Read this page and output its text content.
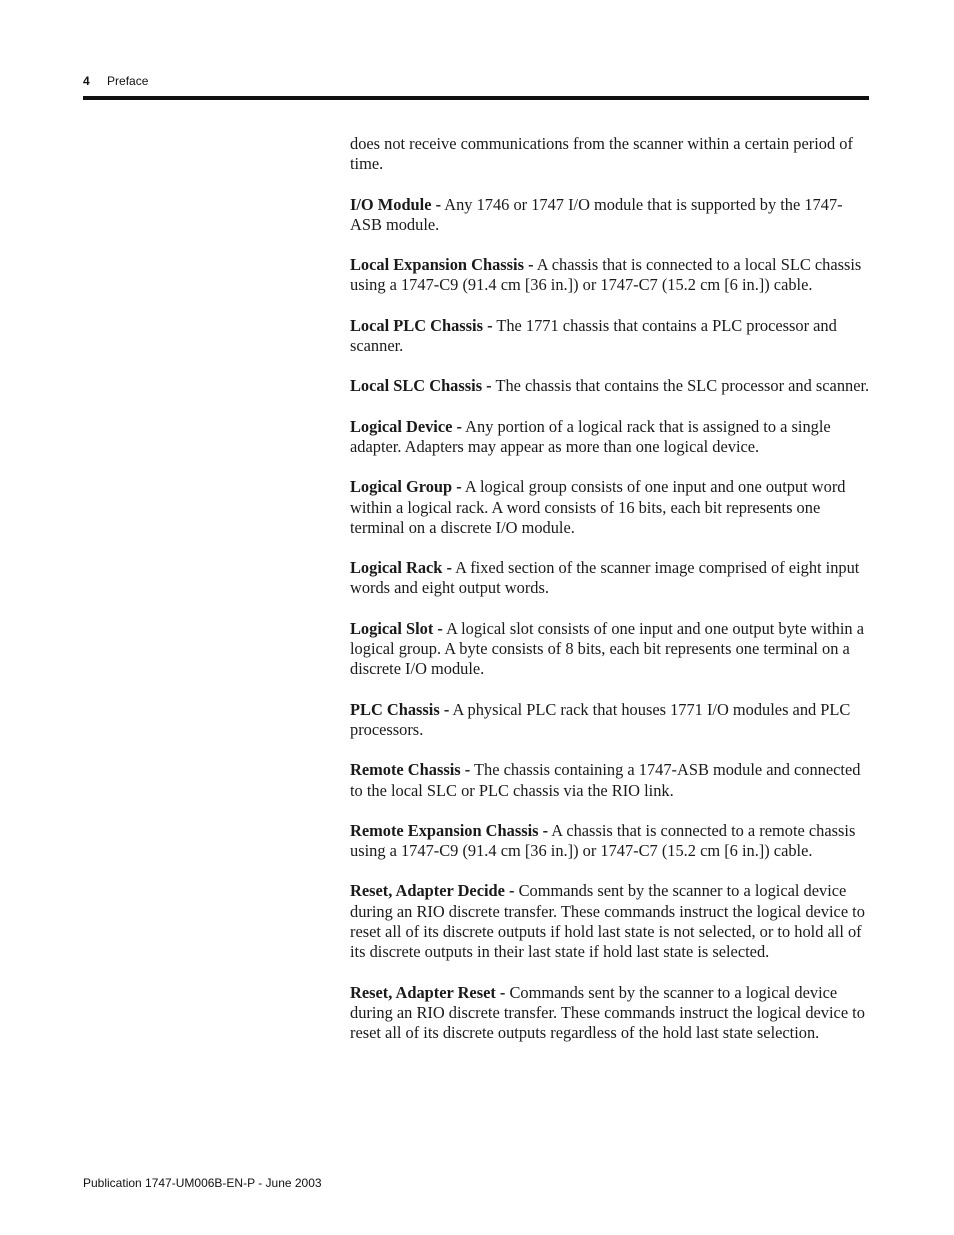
4 Preface

does not receive communications from the scanner within a certain period of time.

I/O Module - Any 1746 or 1747 I/O module that is supported by the 1747-ASB module.

Local Expansion Chassis - A chassis that is connected to a local SLC chassis using a 1747-C9 (91.4 cm [36 in.]) or 1747-C7 (15.2 cm [6 in.]) cable.

Local PLC Chassis - The 1771 chassis that contains a PLC processor and scanner.

Local SLC Chassis - The chassis that contains the SLC processor and scanner.

Logical Device - Any portion of a logical rack that is assigned to a single adapter. Adapters may appear as more than one logical device.

Logical Group - A logical group consists of one input and one output word within a logical rack. A word consists of 16 bits, each bit represents one terminal on a discrete I/O module.

Logical Rack - A fixed section of the scanner image comprised of eight input words and eight output words.

Logical Slot - A logical slot consists of one input and one output byte within a logical group. A byte consists of 8 bits, each bit represents one terminal on a discrete I/O module.

PLC Chassis - A physical PLC rack that houses 1771 I/O modules and PLC processors.

Remote Chassis - The chassis containing a 1747-ASB module and connected to the local SLC or PLC chassis via the RIO link.

Remote Expansion Chassis - A chassis that is connected to a remote chassis using a 1747-C9 (91.4 cm [36 in.]) or 1747-C7 (15.2 cm [6 in.]) cable.

Reset, Adapter Decide - Commands sent by the scanner to a logical device during an RIO discrete transfer. These commands instruct the logical device to reset all of its discrete outputs if hold last state is not selected, or to hold all of its discrete outputs in their last state if hold last state is selected.

Reset, Adapter Reset - Commands sent by the scanner to a logical device during an RIO discrete transfer. These commands instruct the logical device to reset all of its discrete outputs regardless of the hold last state selection.

Publication 1747-UM006B-EN-P - June 2003
